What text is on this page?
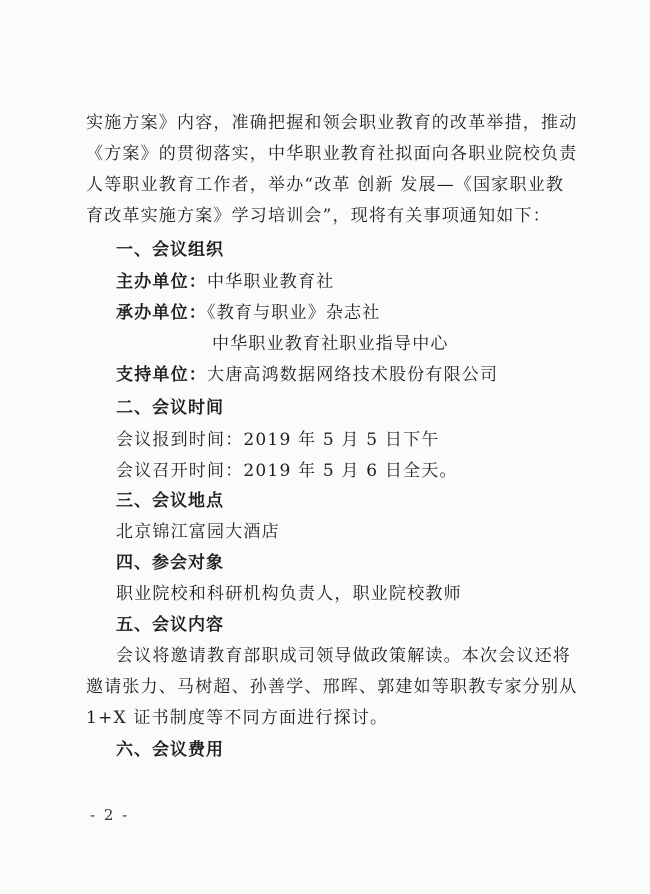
实施方案》内容，准确把握和领会职业教育的改革举措，推动
《方案》的贯彻落实，中华职业教育社拟面向各职业院校负责
人等职业教育工作者，举办“改革 创新 发展—《国家职业教
育改革实施方案》学习培训会”，现将有关事项通知如下：
一、会议组织
主办单位：中华职业教育社
承办单位：《教育与职业》杂志社
中华职业教育社职业指导中心
支持单位：大唐高鸿数据网络技术股份有限公司
二、会议时间
会议报到时间：2019 年 5 月 5 日下午
会议召开时间：2019 年 5 月 6 日全天。
三、会议地点
北京锦江富园大酒店
四、参会对象
职业院校和科研机构负责人，职业院校教师
五、会议内容
会议将邀请教育部职成司领导做政策解读。本次会议还将
邀请张力、马树超、孙善学、邢晖、郭建如等职教专家分别从
1+X 证书制度等不同方面进行探讨。
六、会议费用
- 2 -
